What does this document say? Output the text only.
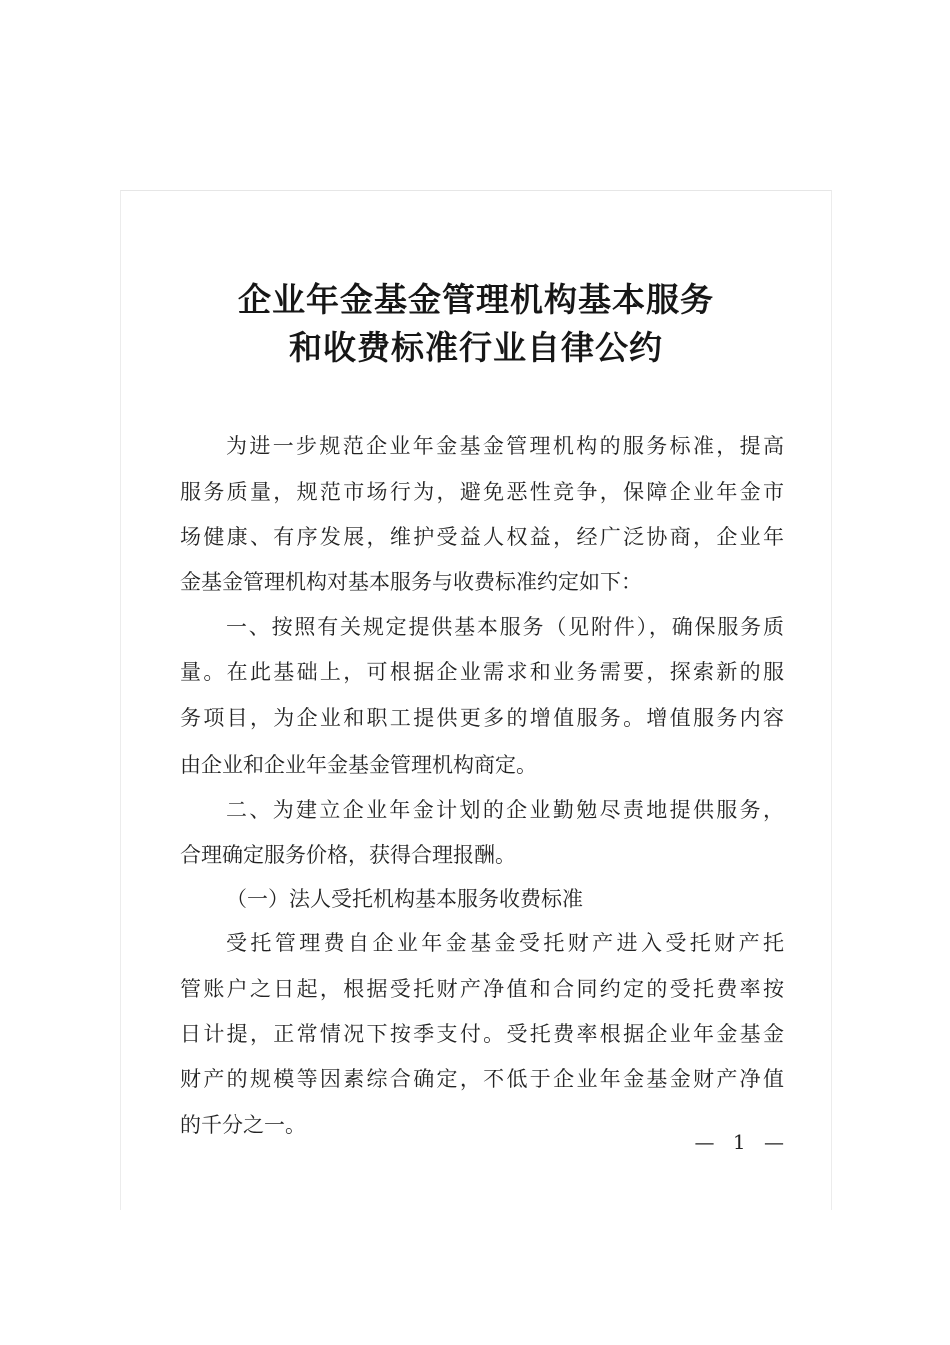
企业年金基金管理机构基本服务
和收费标准行业自律公约
为进一步规范企业年金基金管理机构的服务标准，提高
服务质量，规范市场行为，避免恶性竞争，保障企业年金市
场健康、有序发展，维护受益人权益，经广泛协商，企业年
金基金管理机构对基本服务与收费标准约定如下：
一、按照有关规定提供基本服务（见附件），确保服务质
量。在此基础上，可根据企业需求和业务需要，探索新的服
务项目，为企业和职工提供更多的增值服务。增值服务内容
由企业和企业年金基金管理机构商定。
二、为建立企业年金计划的企业勤勉尽责地提供服务，
合理确定服务价格，获得合理报酬。
（一）法人受托机构基本服务收费标准
受托管理费自企业年金基金受托财产进入受托财产托
管账户之日起，根据受托财产净值和合同约定的受托费率按
日计提，正常情况下按季支付。受托费率根据企业年金基金
财产的规模等因素综合确定，不低于企业年金基金财产净值
的千分之一。
— 1 —
